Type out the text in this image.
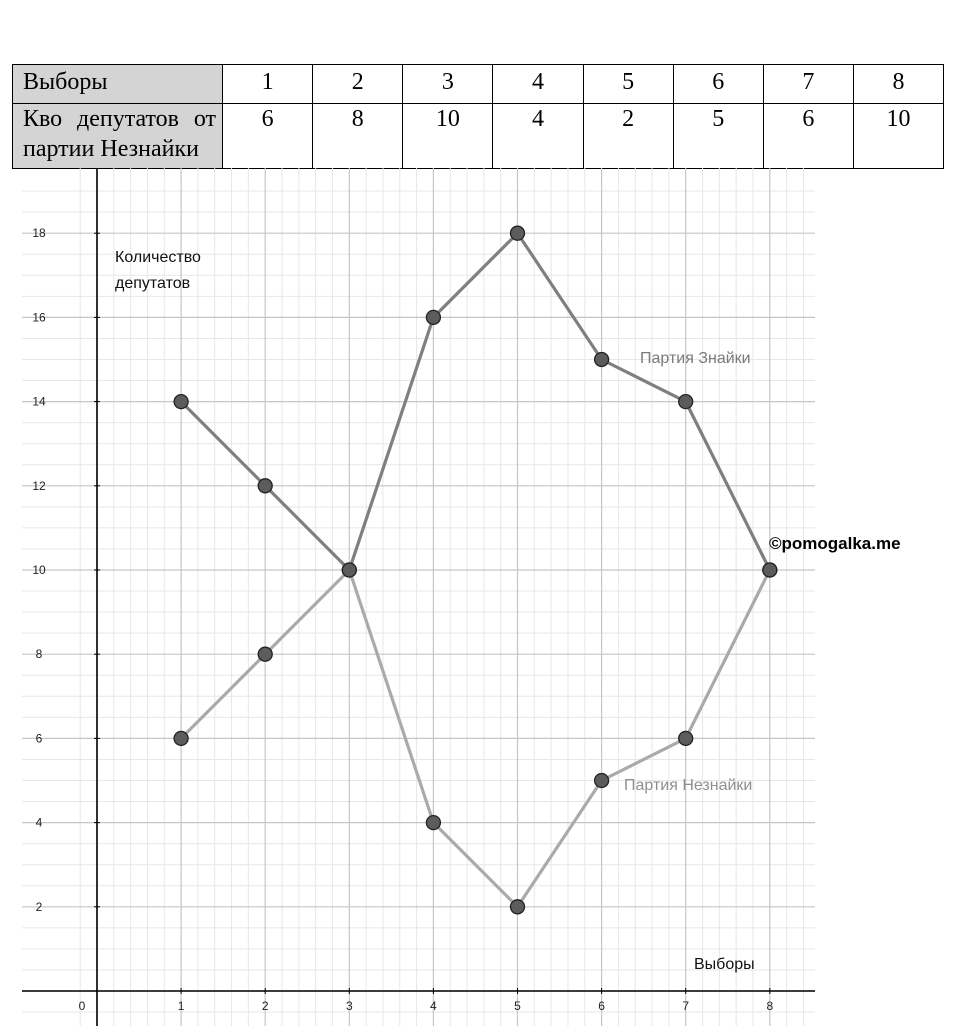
Выборы	1	2	3	4	5	6	7	8
Кво депутатов от партии Незнайки	6	8	10	4	2	5	6	10
0	1	2	3	4	5	6	7	8
2
4
6
8
10
12
14
16
18
Количество
депутатов
Выборы
Партия Знайки
Партия Незнайки
©pomogalka.me
